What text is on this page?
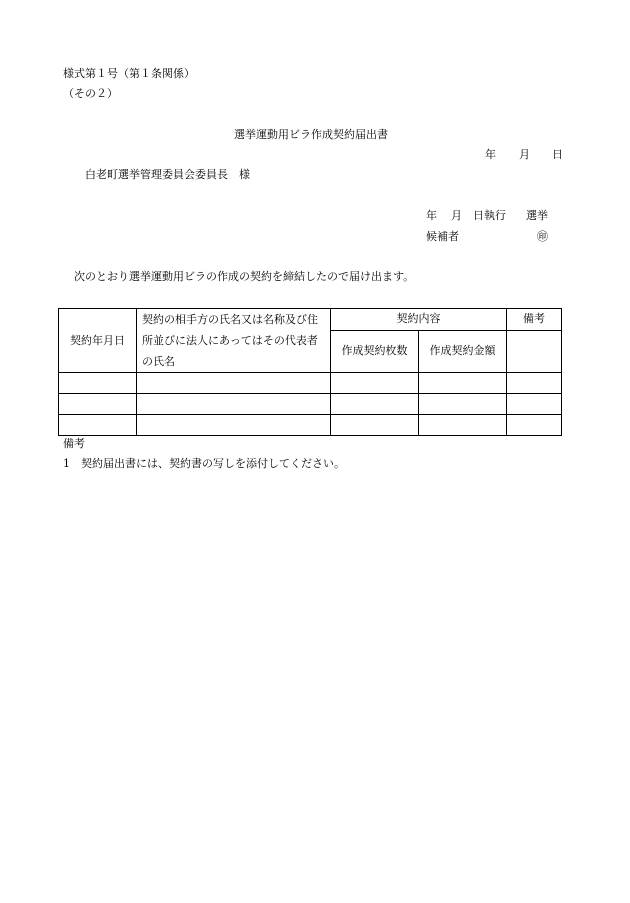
様式第１号（第１条関係）
（その２）
選挙運動用ビラ作成契約届出書
年 月 日
白老町選挙管理委員会委員長　様
年 月 日執行 選挙
候補者	㊞
次のとおり選挙運動用ビラの作成の契約を締結したので届け出ます。
契約年月日	契約の相手方の氏名又は名称及び住所並びに法人にあってはその代表者の氏名	契約内容		備考
		作成契約枚数	作成契約金額	

備考
1　契約届出書には、契約書の写しを添付してください。
